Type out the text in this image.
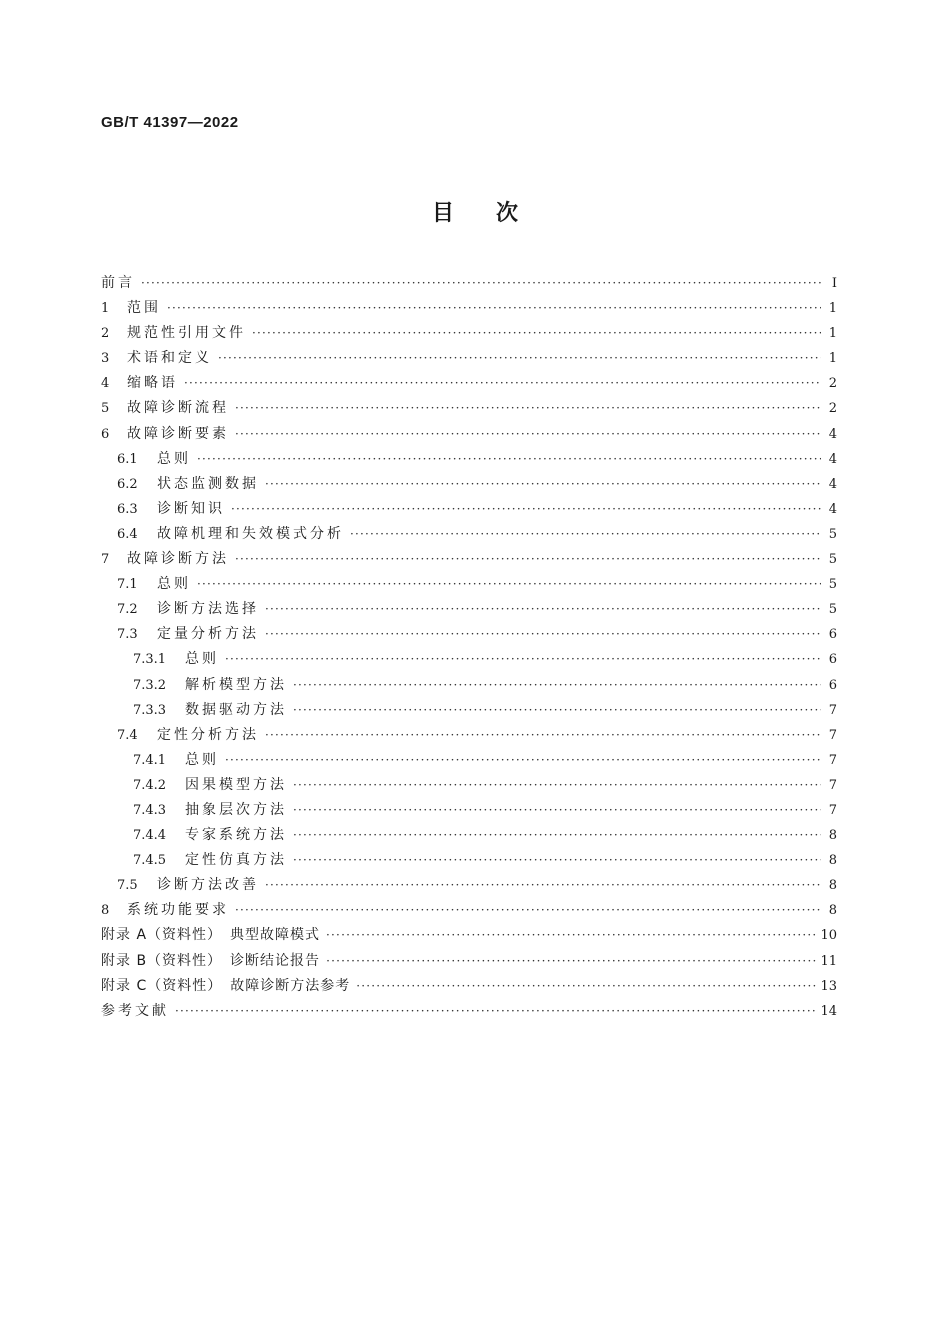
GB/T 41397—2022
目次
前言 ·····	Ⅰ
1	范围 ·····	1
2	规范性引用文件 ·····	1
3	术语和定义 ·····	1
4	缩略语 ·····	2
5	故障诊断流程 ·····	2
6	故障诊断要素 ·····	4
6.1	总则 ·····	4
6.2	状态监测数据 ·····	4
6.3	诊断知识 ·····	4
6.4	故障机理和失效模式分析 ·····	5
7	故障诊断方法 ·····	5
7.1	总则 ·····	5
7.2	诊断方法选择 ·····	5
7.3	定量分析方法 ·····	6
7.3.1	总则 ·····	6
7.3.2	解析模型方法 ·····	6
7.3.3	数据驱动方法 ·····	7
7.4	定性分析方法 ·····	7
7.4.1	总则 ·····	7
7.4.2	因果模型方法 ·····	7
7.4.3	抽象层次方法 ·····	7
7.4.4	专家系统方法 ·····	8
7.4.5	定性仿真方法 ·····	8
7.5	诊断方法改善 ·····	8
8	系统功能要求 ·····	8
附录 A（资料性）　典型故障模式 ·····	10
附录 B（资料性）　诊断结论报告 ·····	11
附录 C（资料性）　故障诊断方法参考 ·····	13
参考文献 ·····	14
